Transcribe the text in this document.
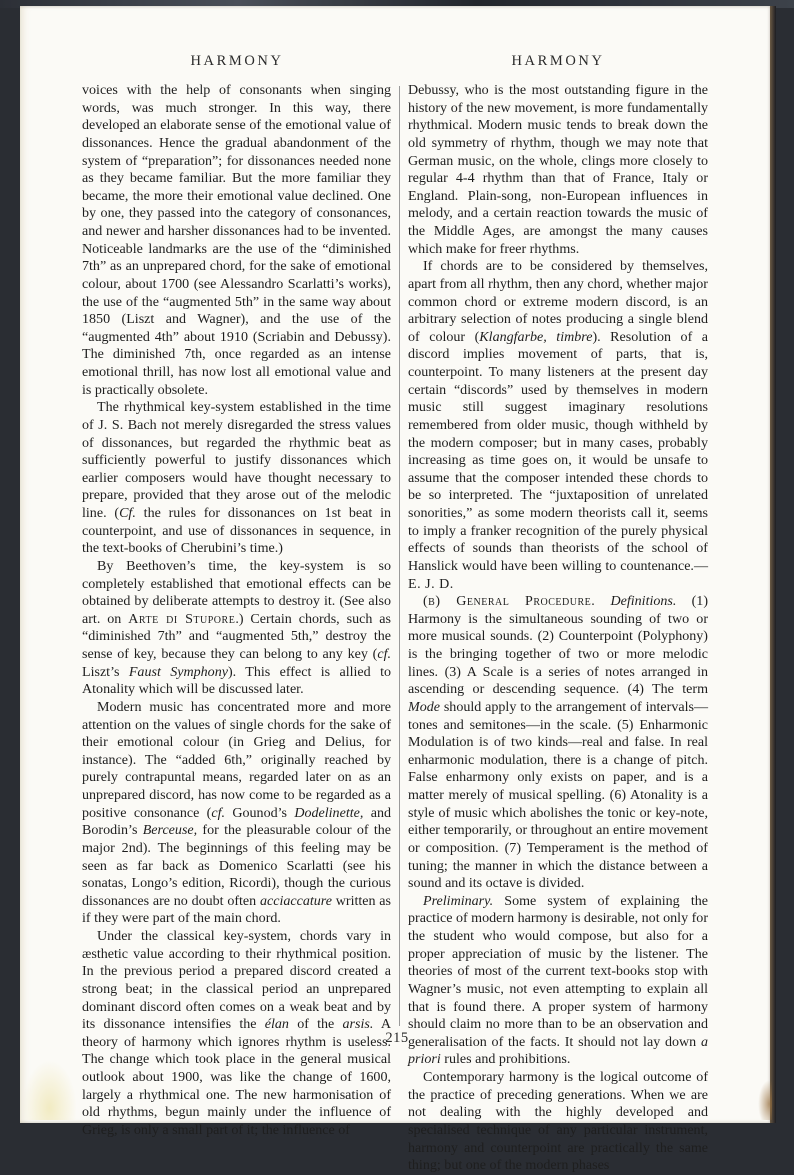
HARMONY	HARMONY

voices with the help of consonants when singing words, was much stronger. In this way, there developed an elaborate sense of the emotional value of dissonances. Hence the gradual abandonment of the system of “preparation”; for dissonances needed none as they became familiar. But the more familiar they became, the more their emotional value declined. One by one, they passed into the category of consonances, and newer and harsher dissonances had to be invented. Noticeable landmarks are the use of the “diminished 7th” as an unprepared chord, for the sake of emotional colour, about 1700 (see Alessandro Scarlatti’s works), the use of the “augmented 5th” in the same way about 1850 (Liszt and Wagner), and the use of the “augmented 4th” about 1910 (Scriabin and Debussy). The diminished 7th, once regarded as an intense emotional thrill, has now lost all emotional value and is practically obsolete.

The rhythmical key-system established in the time of J. S. Bach not merely disregarded the stress values of dissonances, but regarded the rhythmic beat as sufficiently powerful to justify dissonances which earlier composers would have thought necessary to prepare, provided that they arose out of the melodic line. (Cf. the rules for dissonances on 1st beat in counterpoint, and use of dissonances in sequence, in the text-books of Cherubini’s time.)

By Beethoven’s time, the key-system is so completely established that emotional effects can be obtained by deliberate attempts to destroy it. (See also art. on Arte di Stupore.) Certain chords, such as “diminished 7th” and “augmented 5th,” destroy the sense of key, because they can belong to any key (cf. Liszt’s Faust Symphony). This effect is allied to Atonality which will be discussed later.

Modern music has concentrated more and more attention on the values of single chords for the sake of their emotional colour (in Grieg and Delius, for instance). The “added 6th,” originally reached by purely contrapuntal means, regarded later on as an unprepared discord, has now come to be regarded as a positive consonance (cf. Gounod’s Dodelinette, and Borodin’s Berceuse, for the pleasurable colour of the major 2nd). The beginnings of this feeling may be seen as far back as Domenico Scarlatti (see his sonatas, Longo’s edition, Ricordi), though the curious dissonances are no doubt often acciaccature written as if they were part of the main chord.

Under the classical key-system, chords vary in æsthetic value according to their rhythmical position. In the previous period a prepared discord created a strong beat; in the classical period an unprepared dominant discord often comes on a weak beat and by its dissonance intensifies the élan of the arsis. A theory of harmony which ignores rhythm is useless. The change which took place in the general musical outlook about 1900, was like the change of 1600, largely a rhythmical one. The new harmonisation of old rhythms, begun mainly under the influence of Grieg, is only a small part of it; the influence of

Debussy, who is the most outstanding figure in the history of the new movement, is more fundamentally rhythmical. Modern music tends to break down the old symmetry of rhythm, though we may note that German music, on the whole, clings more closely to regular 4-4 rhythm than that of France, Italy or England. Plain-song, non-European influences in melody, and a certain reaction towards the music of the Middle Ages, are amongst the many causes which make for freer rhythms.

If chords are to be considered by themselves, apart from all rhythm, then any chord, whether major common chord or extreme modern discord, is an arbitrary selection of notes producing a single blend of colour (Klangfarbe, timbre). Resolution of a discord implies movement of parts, that is, counterpoint. To many listeners at the present day certain “discords” used by themselves in modern music still suggest imaginary resolutions remembered from older music, though withheld by the modern composer; but in many cases, probably increasing as time goes on, it would be unsafe to assume that the composer intended these chords to be so interpreted. The “juxtaposition of unrelated sonorities,” as some modern theorists call it, seems to imply a franker recognition of the purely physical effects of sounds than theorists of the school of Hanslick would have been willing to countenance.—E. J. D.

(b) General Procedure. Definitions. (1) Harmony is the simultaneous sounding of two or more musical sounds. (2) Counterpoint (Polyphony) is the bringing together of two or more melodic lines. (3) A Scale is a series of notes arranged in ascending or descending sequence. (4) The term Mode should apply to the arrangement of intervals—tones and semitones—in the scale. (5) Enharmonic Modulation is of two kinds—real and false. In real enharmonic modulation, there is a change of pitch. False enharmony only exists on paper, and is a matter merely of musical spelling. (6) Atonality is a style of music which abolishes the tonic or key-note, either temporarily, or throughout an entire movement or composition. (7) Temperament is the method of tuning; the manner in which the distance between a sound and its octave is divided.

Preliminary. Some system of explaining the practice of modern harmony is desirable, not only for the student who would compose, but also for a proper appreciation of music by the listener. The theories of most of the current text-books stop with Wagner’s music, not even attempting to explain all that is found there. A proper system of harmony should claim no more than to be an observation and generalisation of the facts. It should not lay down a priori rules and prohibitions.

Contemporary harmony is the logical outcome of the practice of preceding generations. When we are not dealing with the highly developed and specialised technique of any particular instrument, harmony and counterpoint are practically the same thing; but one of the modern phases

215
